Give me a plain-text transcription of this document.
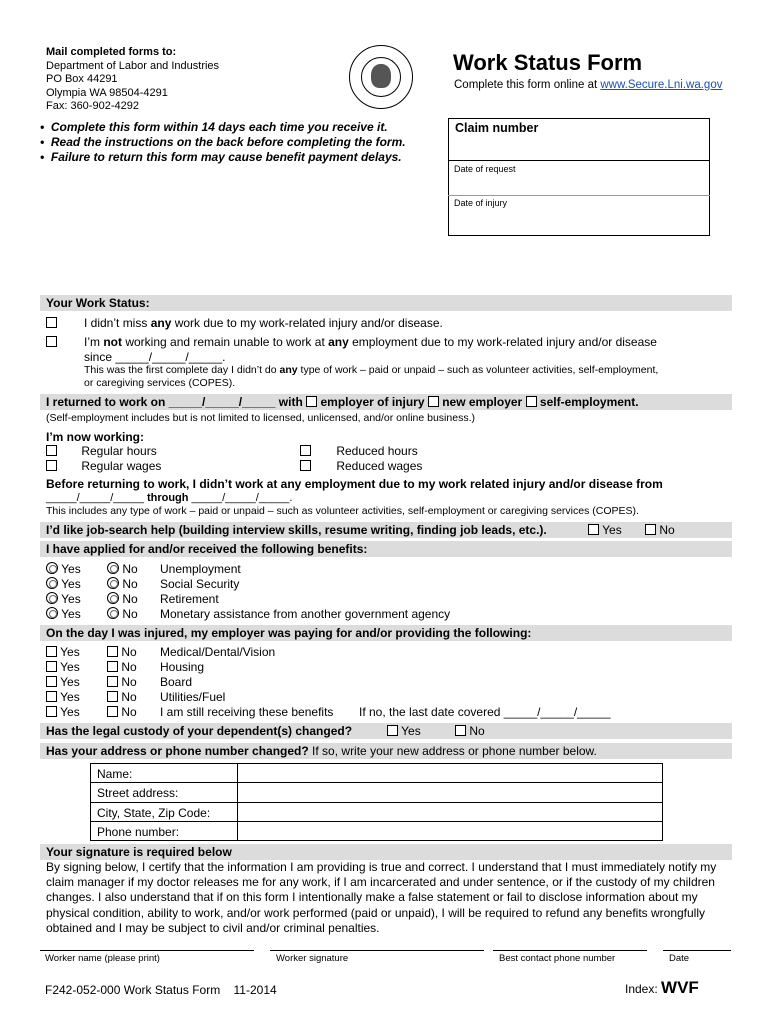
Mail completed forms to:
Department of Labor and Industries
PO Box 44291
Olympia WA 98504-4291
Fax: 360-902-4292
Work Status Form
Complete this form online at www.Secure.Lni.wa.gov
•  Complete this form within 14 days each time you receive it.
•  Read the instructions on the back before completing the form.
•  Failure to return this form may cause benefit payment delays.
Claim number
Date of request
Date of injury
Your Work Status:
I didn’t miss any work due to my work-related injury and/or disease.
I’m not working and remain unable to work at any employment due to my work-related injury and/or disease
since _____/_____/_____.
This was the first complete day I didn’t do any type of work – paid or unpaid – such as volunteer activities, self-employment,
or caregiving services (COPES).
I returned to work on _____/_____/_____ with employer of injury new employer self-employment.
(Self-employment includes but is not limited to licensed, unlicensed, and/or online business.)
I’m now working:
Regular hours
Regular wages
Reduced hours
Reduced wages
Before returning to work, I didn’t work at any employment due to my work related injury and/or disease from
_____/_____/_____ through _____/_____/_____.
This includes any type of work – paid or unpaid – such as volunteer activities, self-employment or caregiving services (COPES).
I’d like job-search help (building interview skills, resume writing, finding job leads, etc.).	Yes	No
I have applied for and/or received the following benefits:
Yes	No Unemployment
Yes	No Social Security
Yes	No Retirement
Yes	No Monetary assistance from another government agency
On the day I was injured, my employer was paying for and/or providing the following:
Yes	No Medical/Dental/Vision
Yes	No Housing
Yes	No Board
Yes	No Utilities/Fuel
Yes	No I am still receiving these benefits If no, the last date covered _____/_____/_____
Has the legal custody of your dependent(s) changed?	Yes	No
Has your address or phone number changed? If so, write your new address or phone number below.
Name:
Street address:
City, State, Zip Code:
Phone number:
Your signature is required below
By signing below, I certify that the information I am providing is true and correct. I understand that I must immediately notify my claim manager if my doctor releases me for any work, if I am incarcerated and under sentence, or if the custody of my children changes. I also understand that if on this form I intentionally make a false statement or fail to disclose information about my physical condition, ability to work, and/or work performed (paid or unpaid), I will be required to refund any benefits wrongfully obtained and I may be subject to civil and/or criminal penalties.
Worker name (please print)	Worker signature	Best contact phone number	Date
F242-052-000 Work Status Form    11-2014	Index: WVF
